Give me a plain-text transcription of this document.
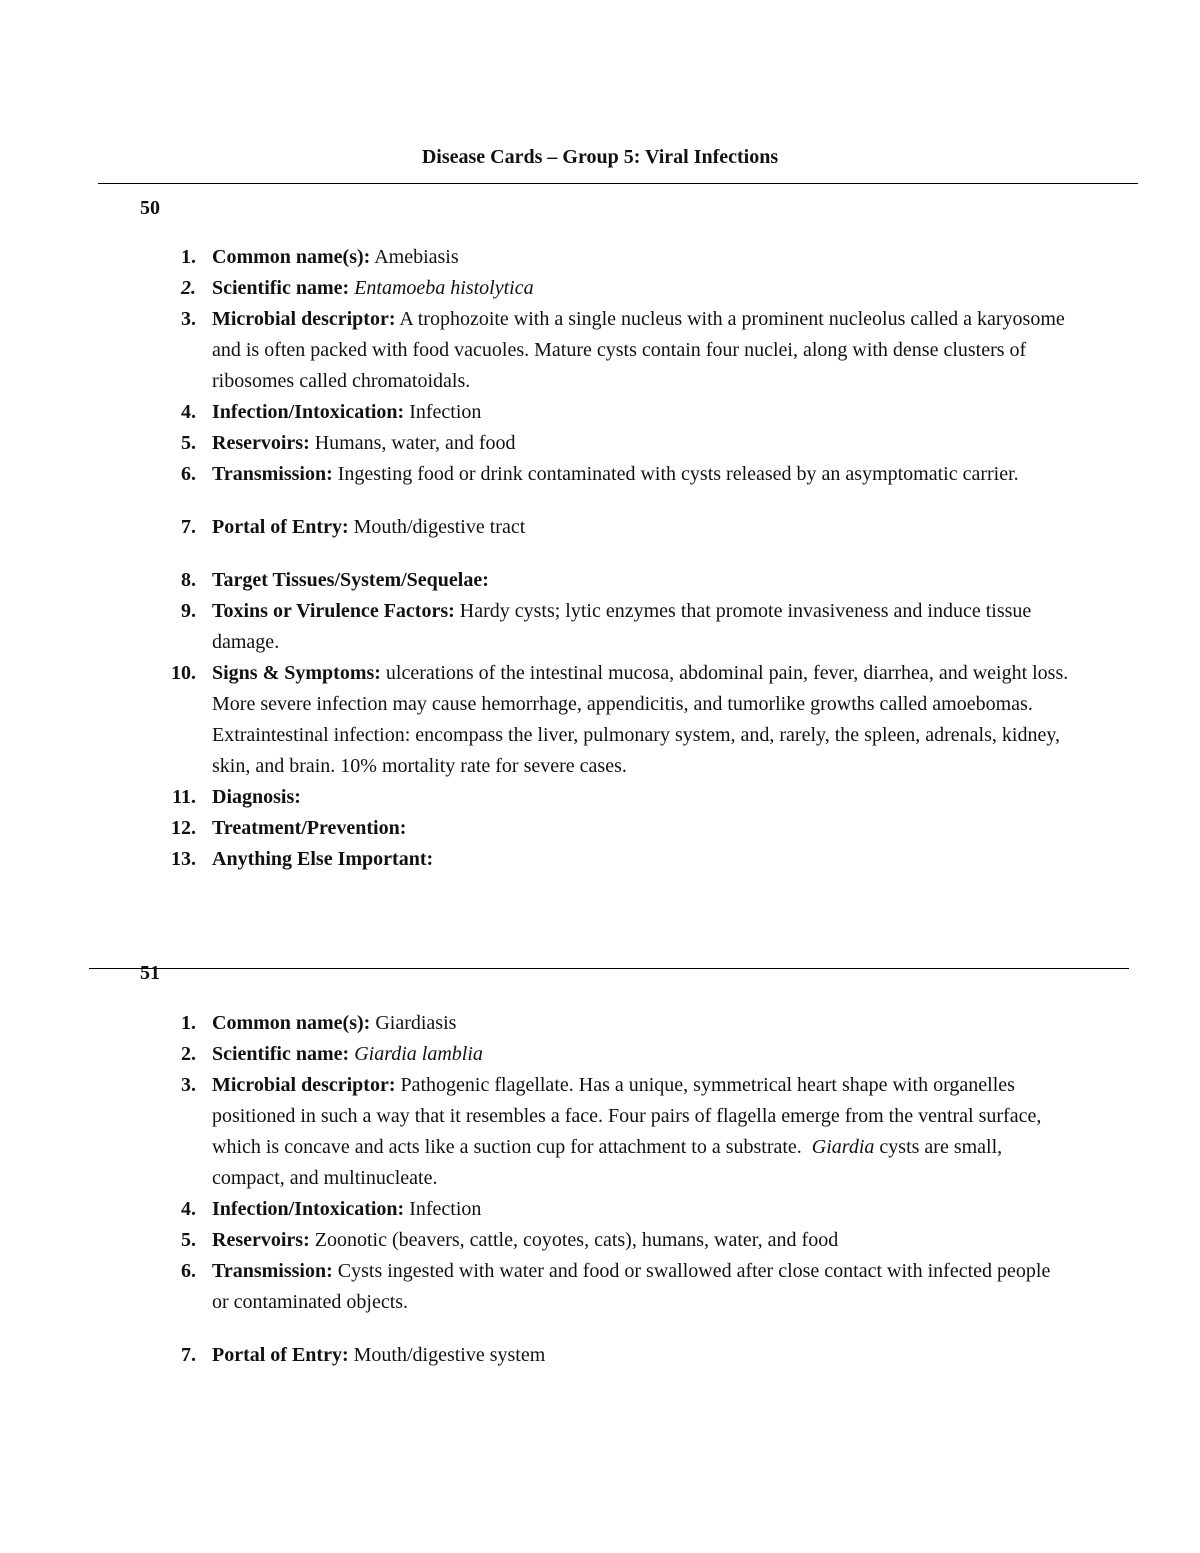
Disease Cards – Group 5: Viral Infections
50
1. Common name(s): Amebiasis
2. Scientific name: Entamoeba histolytica
3. Microbial descriptor: A trophozoite with a single nucleus with a prominent nucleolus called a karyosome and is often packed with food vacuoles. Mature cysts contain four nuclei, along with dense clusters of ribosomes called chromatoidals.
4. Infection/Intoxication: Infection
5. Reservoirs: Humans, water, and food
6. Transmission: Ingesting food or drink contaminated with cysts released by an asymptomatic carrier.
7. Portal of Entry: Mouth/digestive tract
8. Target Tissues/System/Sequelae:
9. Toxins or Virulence Factors: Hardy cysts; lytic enzymes that promote invasiveness and induce tissue damage.
10. Signs & Symptoms: ulcerations of the intestinal mucosa, abdominal pain, fever, diarrhea, and weight loss. More severe infection may cause hemorrhage, appendicitis, and tumorlike growths called amoebomas. Extraintestinal infection: encompass the liver, pulmonary system, and, rarely, the spleen, adrenals, kidney, skin, and brain. 10% mortality rate for severe cases.
11. Diagnosis:
12. Treatment/Prevention:
13. Anything Else Important:
51
1. Common name(s): Giardiasis
2. Scientific name: Giardia lamblia
3. Microbial descriptor: Pathogenic flagellate. Has a unique, symmetrical heart shape with organelles positioned in such a way that it resembles a face. Four pairs of flagella emerge from the ventral surface, which is concave and acts like a suction cup for attachment to a substrate.  Giardia cysts are small, compact, and multinucleate.
4. Infection/Intoxication: Infection
5. Reservoirs: Zoonotic (beavers, cattle, coyotes, cats), humans, water, and food
6. Transmission: Cysts ingested with water and food or swallowed after close contact with infected people or contaminated objects.
7. Portal of Entry: Mouth/digestive system
